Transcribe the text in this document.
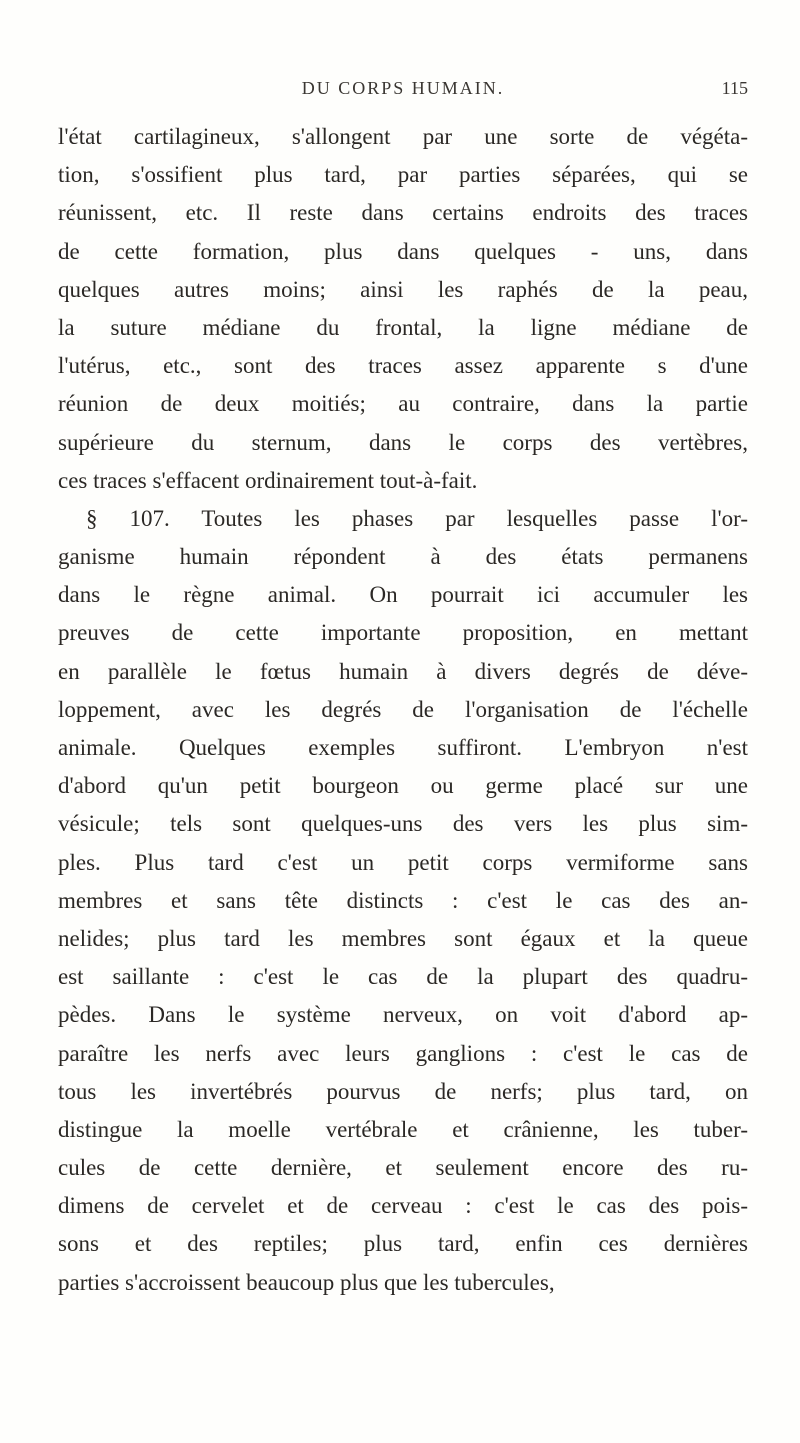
DU CORPS HUMAIN.	115
l'état cartilagineux, s'allongent par une sorte de végéta-
tion, s'ossifient plus tard, par parties séparées, qui se
réunissent, etc. Il reste dans certains endroits des traces
de cette formation, plus dans quelques - uns, dans
quelques autres moins; ainsi les raphés de la peau,
la suture médiane du frontal, la ligne médiane de
l'utérus, etc., sont des traces assez apparente s d'une
réunion de deux moitiés; au contraire, dans la partie
supérieure du sternum, dans le corps des vertèbres,
ces traces s'effacent ordinairement tout-à-fait.
§ 107. Toutes les phases par lesquelles passe l'or-
ganisme humain répondent à des états permanens
dans le règne animal. On pourrait ici accumuler les
preuves de cette importante proposition, en mettant
en parallèle le fœtus humain à divers degrés de déve-
loppement, avec les degrés de l'organisation de l'échelle
animale. Quelques exemples suffiront. L'embryon n'est
d'abord qu'un petit bourgeon ou germe placé sur une
vésicule; tels sont quelques-uns des vers les plus sim-
ples. Plus tard c'est un petit corps vermiforme sans
membres et sans tête distincts : c'est le cas des an-
nelides; plus tard les membres sont égaux et la queue
est saillante : c'est le cas de la plupart des quadru-
pèdes. Dans le système nerveux, on voit d'abord ap-
paraître les nerfs avec leurs ganglions : c'est le cas de
tous les invertébrés pourvus de nerfs; plus tard, on
distingue la moelle vertébrale et crânienne, les tuber-
cules de cette dernière, et seulement encore des ru-
dimens de cervelet et de cerveau : c'est le cas des pois-
sons et des reptiles; plus tard, enfin ces dernières
parties s'accroissent beaucoup plus que les tubercules,
